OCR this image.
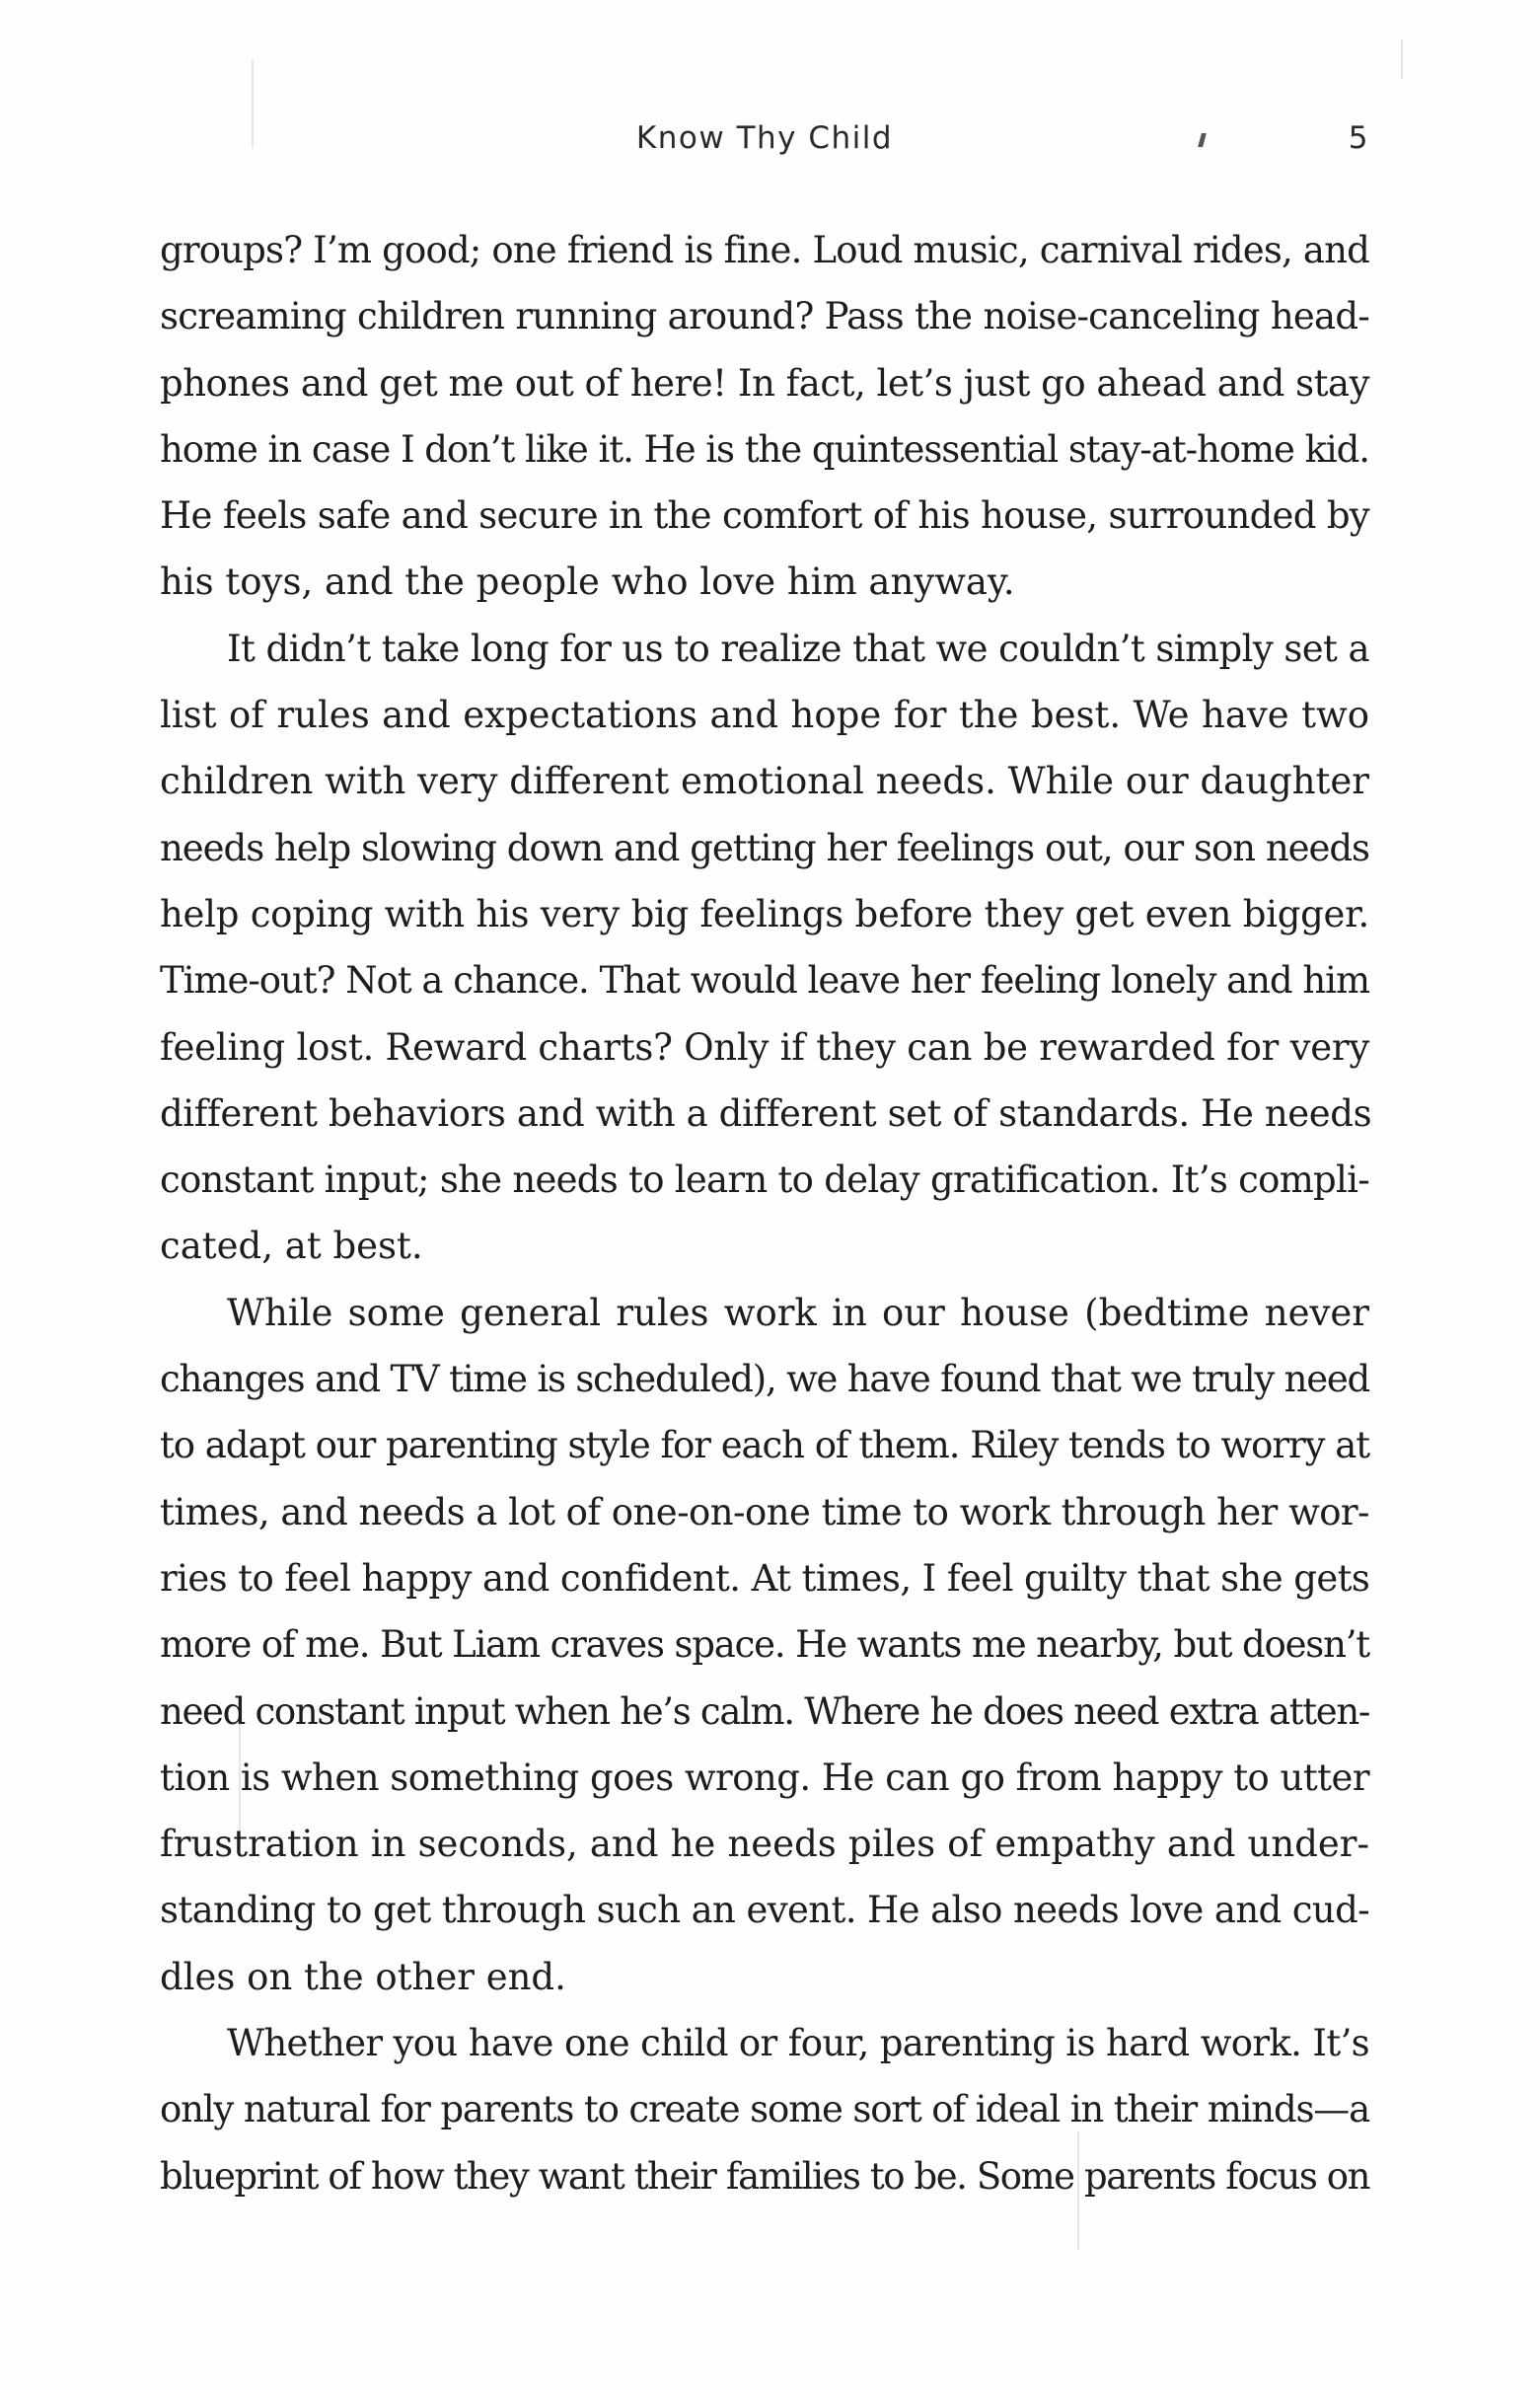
Know Thy Child	5
groups? I’m good; one friend is fine. Loud music, carnival rides, and
screaming children running around? Pass the noise-canceling head-
phones and get me out of here! In fact, let’s just go ahead and stay
home in case I don’t like it. He is the quintessential stay-at-home kid.
He feels safe and secure in the comfort of his house, surrounded by
his toys, and the people who love him anyway.
It didn’t take long for us to realize that we couldn’t simply set a
list of rules and expectations and hope for the best. We have two
children with very different emotional needs. While our daughter
needs help slowing down and getting her feelings out, our son needs
help coping with his very big feelings before they get even bigger.
Time-out? Not a chance. That would leave her feeling lonely and him
feeling lost. Reward charts? Only if they can be rewarded for very
different behaviors and with a different set of standards. He needs
constant input; she needs to learn to delay gratification. It’s compli-
cated, at best.
While some general rules work in our house (bedtime never
changes and TV time is scheduled), we have found that we truly need
to adapt our parenting style for each of them. Riley tends to worry at
times, and needs a lot of one-on-one time to work through her wor-
ries to feel happy and confident. At times, I feel guilty that she gets
more of me. But Liam craves space. He wants me nearby, but doesn’t
need constant input when he’s calm. Where he does need extra atten-
tion is when something goes wrong. He can go from happy to utter
frustration in seconds, and he needs piles of empathy and under-
standing to get through such an event. He also needs love and cud-
dles on the other end.
Whether you have one child or four, parenting is hard work. It’s
only natural for parents to create some sort of ideal in their minds—a
blueprint of how they want their families to be. Some parents focus on
